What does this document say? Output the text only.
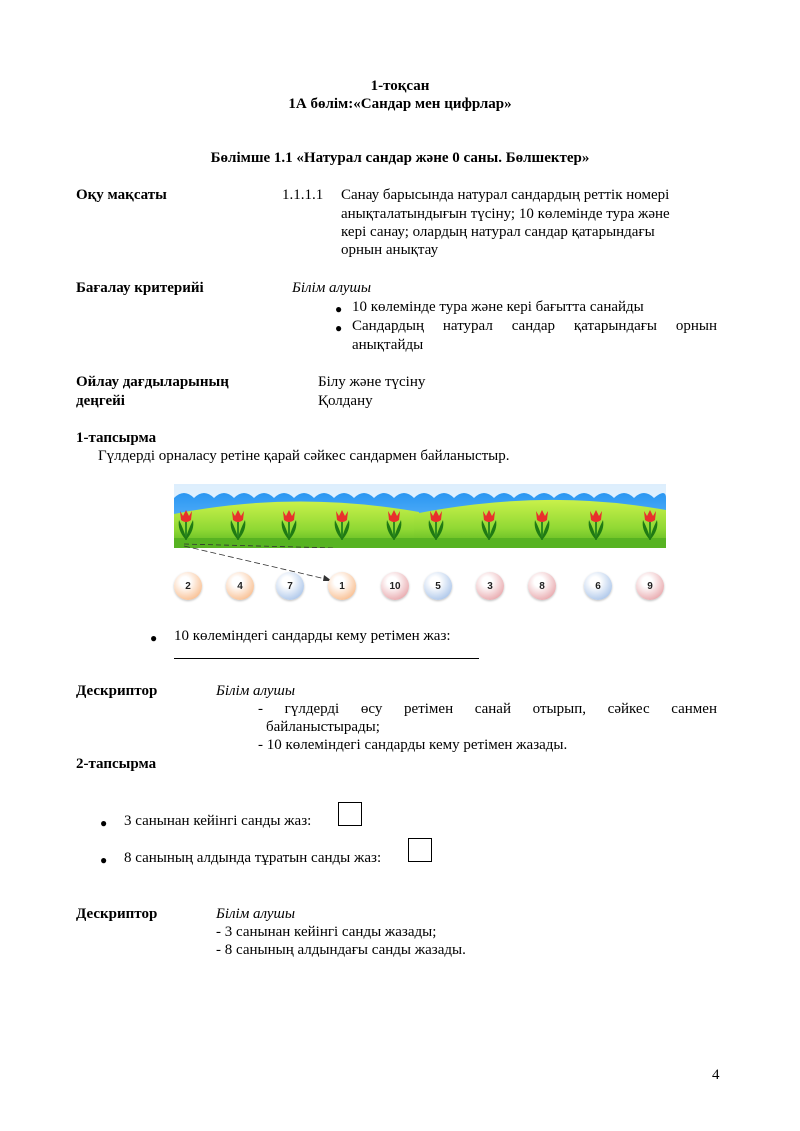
1-тоқсан
1А бөлім:«Сандар мен цифрлар»
Бөлімше 1.1 «Натурал сандар және 0 саны. Бөлшектер»
Оқу мақсаты	1.1.1.1 Санау барысында натурал сандардың реттік номері
анықталатындығын түсіну; 10 көлемінде тура және
кері санау; олардың натурал сандар қатарындағы
орнын анықтау
Бағалау критерийі	Білім алушы
● 10 көлемінде тура және кері бағытта санайды
● Сандардың натурал сандар қатарындағы орнын
анықтайды
Ойлау дағдыларының
деңгейі
Білу және түсіну
Қолдану
1-тапсырма
Гүлдерді орналасу ретіне қарай сәйкес сандармен байланыстыр.
2	4	7	1	10	5	3	8	6	9
● 10 көлеміндегі сандарды кему ретімен жаз:
Дескриптор	Білім алушы
- гүлдерді өсу ретімен санай отырып, сәйкес санмен
байланыстырады;
- 10 көлеміндегі сандарды кему ретімен жазады.
2-тапсырма
● 3 санынан кейінгі санды жаз:
● 8 санының алдында тұратын санды жаз:
Дескриптор	Білім алушы
- 3 санынан кейінгі санды жазады;
- 8 санының алдындағы санды жазады.
4
